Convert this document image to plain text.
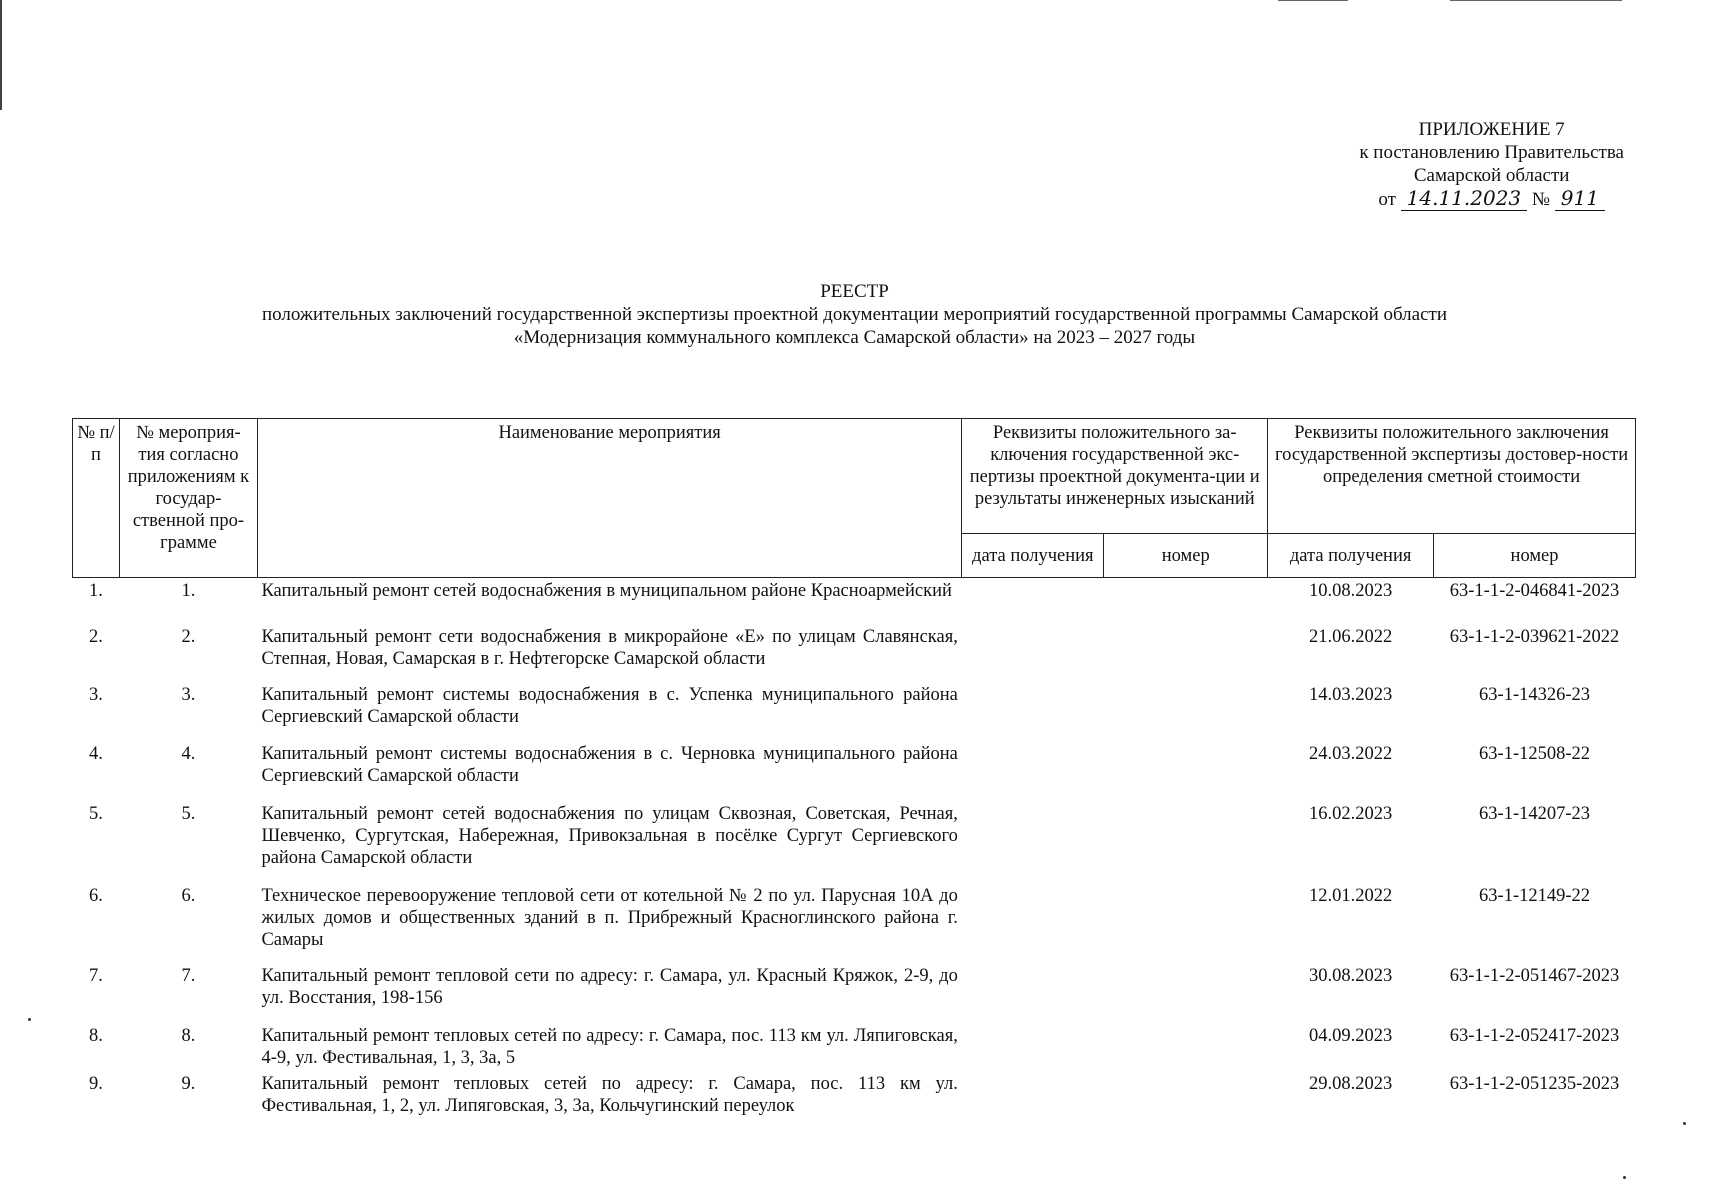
ПРИЛОЖЕНИЕ 7
к постановлению Правительства
Самарской области
от 14.11.2023 № 911
РЕЕСТР
положительных заключений государственной экспертизы проектной документации мероприятий государственной программы Самарской области
«Модернизация коммунального комплекса Самарской области» на 2023 – 2027 годы
№ п/п	№ мероприя-тия согласно приложениям к государ-ственной про-грамме	Наименование мероприятия	Реквизиты положительного за-ключения государственной экс-пертизы проектной документа-ции и результаты инженерных изысканий		Реквизиты положительного заключения государственной экспертизы достовер-ности определения сметной стоимости	
			дата получения	номер	дата получения	номер
1.	1.	Капитальный ремонт сетей водоснабжения в муниципальном районе Красноармейский			10.08.2023	63-1-1-2-046841-2023
2.	2.	Капитальный ремонт сети водоснабжения в микрорайоне «Е» по улицам Славянская, Степная, Новая, Самарская в г. Нефтегорске Самарской области			21.06.2022	63-1-1-2-039621-2022
3.	3.	Капитальный ремонт системы водоснабжения в с. Успенка муниципального района Сергиевский Самарской области			14.03.2023	63-1-14326-23
4.	4.	Капитальный ремонт системы водоснабжения в с. Черновка муниципального района Сергиевский Самарской области			24.03.2022	63-1-12508-22
5.	5.	Капитальный ремонт сетей водоснабжения по улицам Сквозная, Советская, Речная, Шевченко, Сургутская, Набережная, Привокзальная в посёлке Сургут Сергиевского района Самарской области			16.02.2023	63-1-14207-23
6.	6.	Техническое перевооружение тепловой сети от котельной № 2 по ул. Парусная 10А до жилых домов и общественных зданий в п. Прибрежный Красноглинского района г. Самары			12.01.2022	63-1-12149-22
7.	7.	Капитальный ремонт тепловой сети по адресу: г. Самара, ул. Красный Кряжок, 2-9, до ул. Восстания, 198-156			30.08.2023	63-1-1-2-051467-2023
8.	8.	Капитальный ремонт тепловых сетей по адресу: г. Самара, пос. 113 км ул. Ляпиговская, 4-9, ул. Фестивальная, 1, 3, 3а, 5			04.09.2023	63-1-1-2-052417-2023
9.	9.	Капитальный ремонт тепловых сетей по адресу: г. Самара, пос. 113 км ул. Фестивальная, 1, 2, ул. Липяговская, 3, 3а, Кольчугинский переулок			29.08.2023	63-1-1-2-051235-2023
